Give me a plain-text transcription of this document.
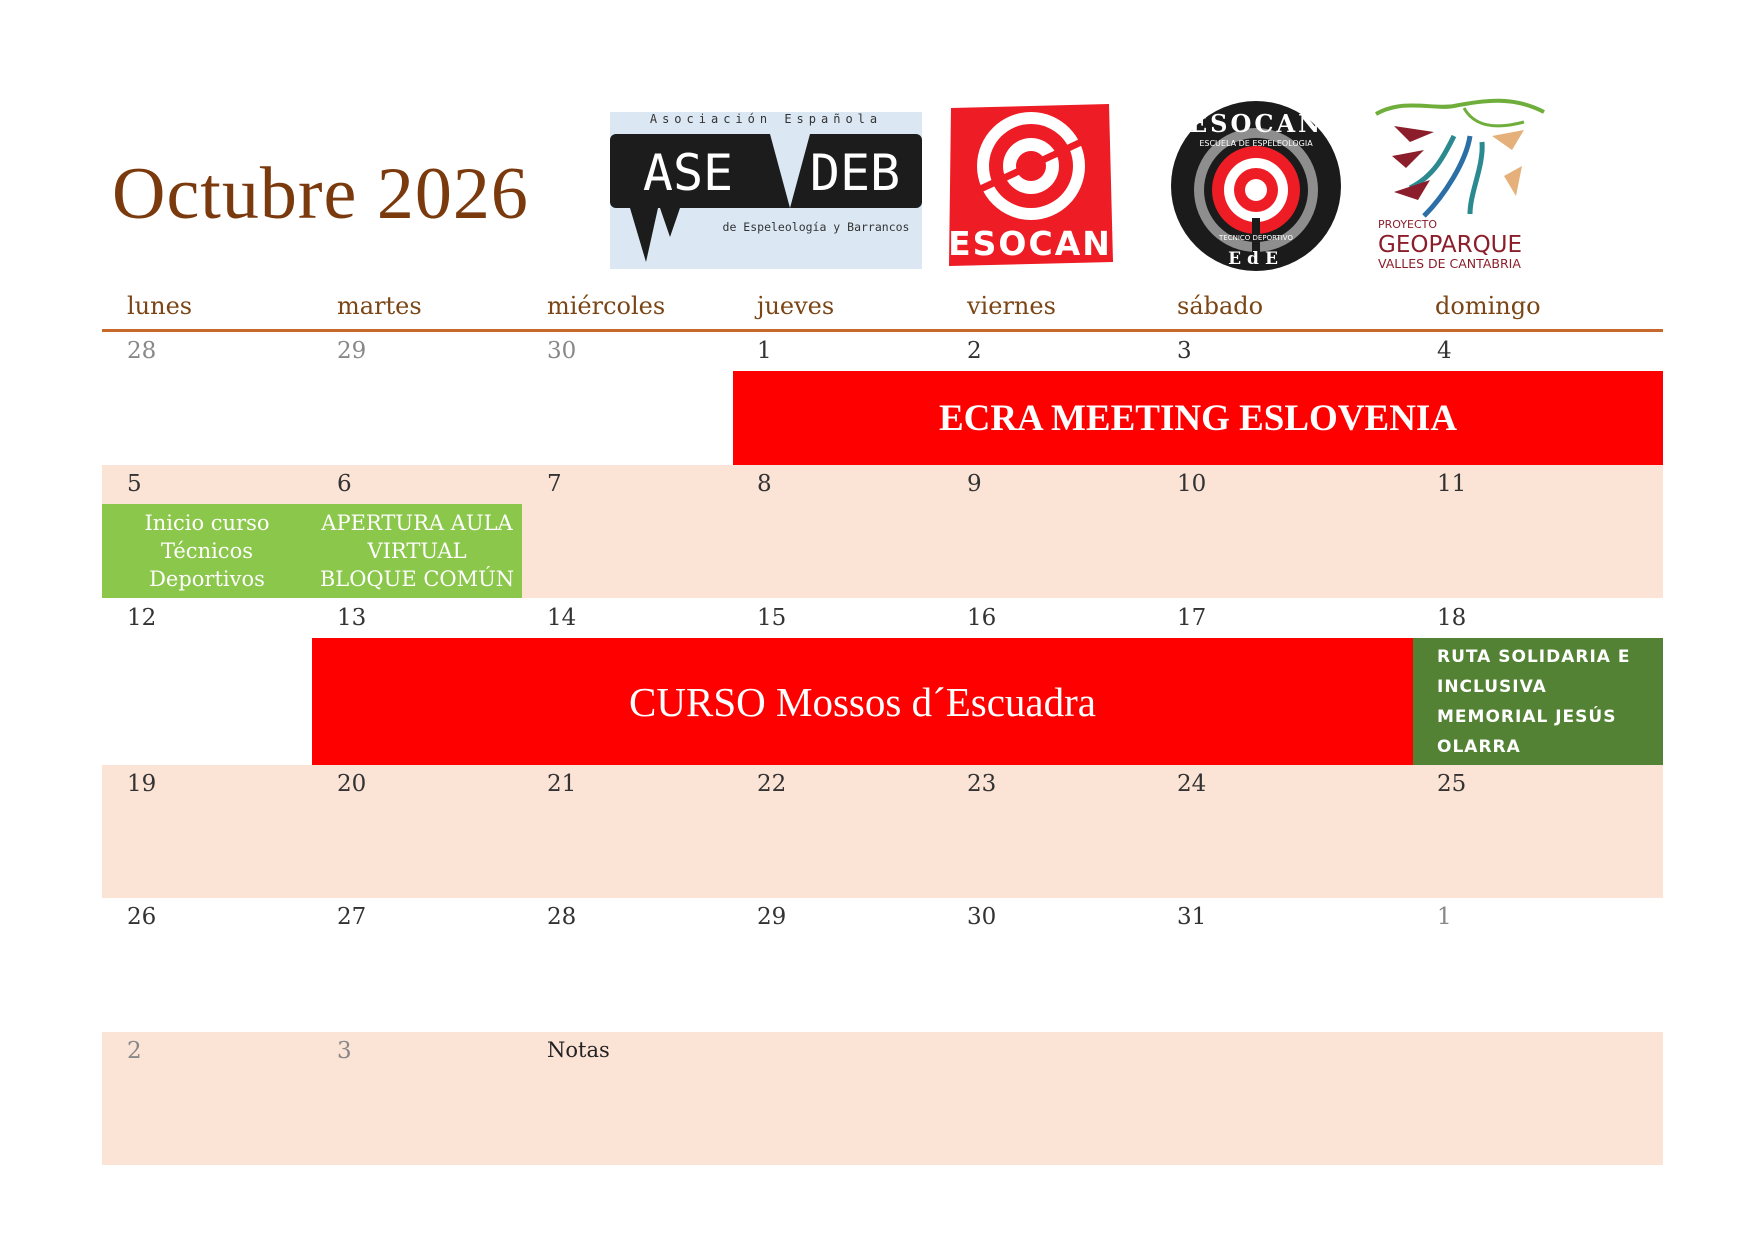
Octubre 2026
Asociación Española
ASE DEB
de Espeleología y Barrancos ESOCAN
ESOCAN
ESCUELA DE ESPELEOLOGIA
TECNICO DEPORTIVO
EdE
PROYECTO
GEOPARQUE
VALLES DE CANTABRIA
lunes	martes	miércoles	jueves	viernes	sábado	domingo
28	29	30	1	2	3	4
ECRA MEETING ESLOVENIA
5	6	7	8	9	10	11
Inicio curso Técnicos Deportivos
APERTURA AULA VIRTUAL BLOQUE COMÚN
12	13	14	15	16	17	18
CURSO Mossos d´Escuadra
RUTA SOLIDARIA E INCLUSIVA MEMORIAL JESÚS OLARRA
19	20	21	22	23	24	25
26	27	28	29	30	31	1
2	3	Notas
